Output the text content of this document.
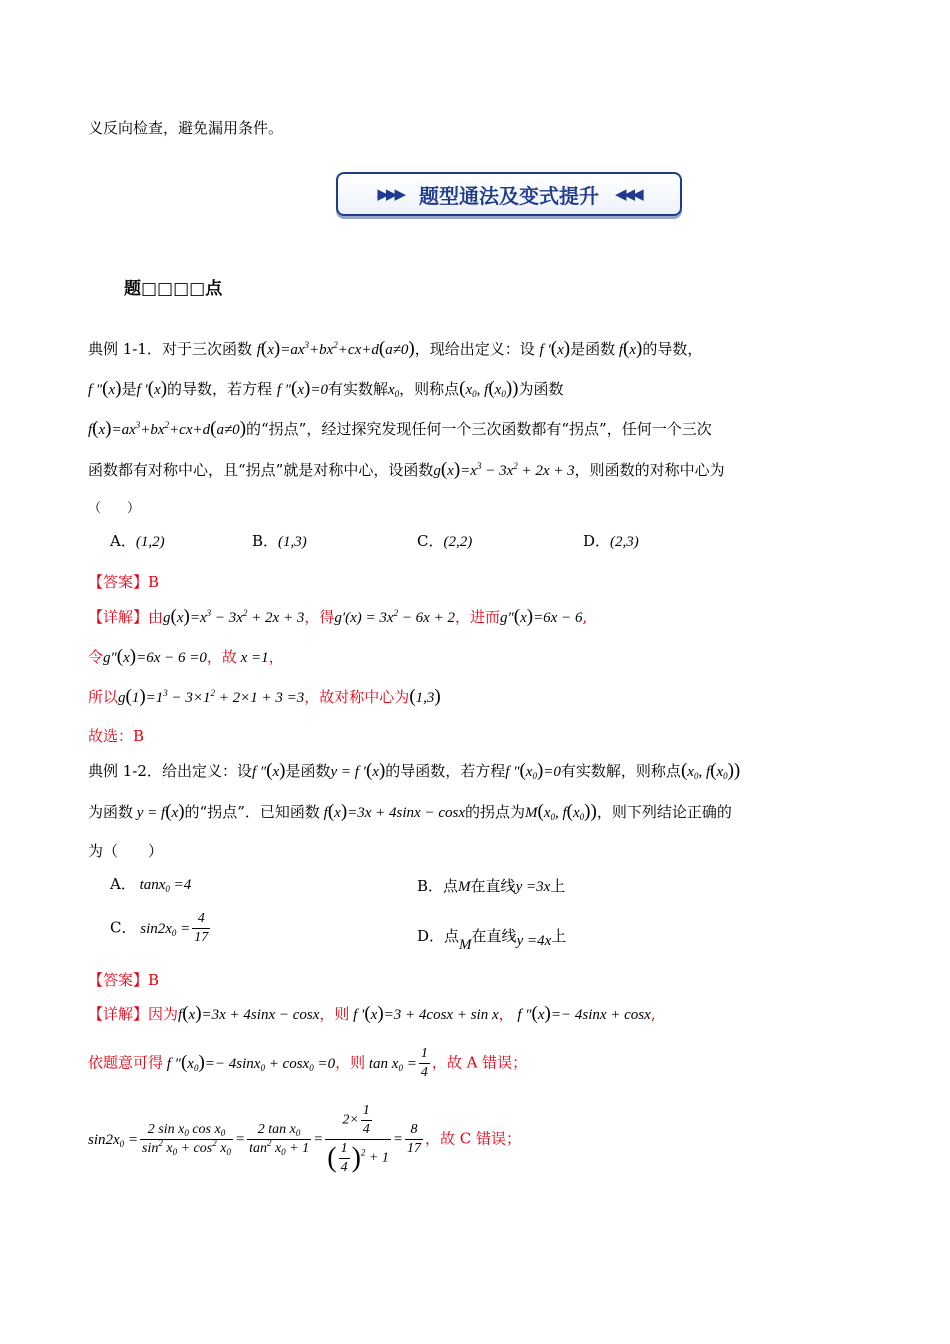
义反向检查，避免漏用条件。
▶▶▶ 题型通法及变式提升 ◀◀◀
题□□□□点
典例 1-1．对于三次函数 $f(x)=ax^3+bx^2+cx+d(a\ne 0)$，现给出定义：设 f ′(x)是函数 f(x)的导数，
f ″(x)是f ′(x)的导数，若方程 f ″(x)=0有实数解$x_0$，则称点($x_0$, $f(x_0)$)为函数
$f(x)=ax^3+bx^2+cx+d(a\ne 0)$的“拐点”，经过探究发现任何一个三次函数都有“拐点”，任何一个三次
函数都有对称中心，且“拐点”就是对称中心，设函数$g(x)=x^3 - 3x^2 + 2x + 3$，则函数的对称中心为
（　　）
A．(1,2)	B．(1,3)	C．(2,2)	D．(2,3)
【答案】B
【详解】由$g(x)=x^3 - 3x^2 + 2x + 3$，得$g'(x) = 3x^2 - 6x + 2$，进而g″(x)=6x − 6,
令g″(x)=6x − 6 =0，故 x =1，
所以$g(1)=1^3 - 3\times 1^2 + 2\times 1 + 3 =3$，故对称中心为(1,3)
故选：B
典例 1-2．给出定义：设f ″(x)是函数y = f ′(x)的导函数，若方程f $''(x_0)=0$有实数解，则称点($x_0$, $f(x_0)$)
为函数 y = f(x)的“拐点”．已知函数 f(x)=3x + 4sinx − cosx的拐点为$M(x_0$, $f(x_0)$)，则下列结论正确的
为（　　）
A． tanx$_0$ =4	B．点M在直线y =3x上
C． $\sin 2x_0 = \frac{4}{17}$	D．点M在直线y =4x上
【答案】B
【详解】因为f(x)=3x + 4sinx − cosx，则 f ′(x)=3 + 4cosx + sin x， f ″(x)=− 4sinx + cosx,
依题意可得 f $''(x_0)=- 4\sin x_0 + \cos x_0 =0$，则 $\tan x_0 = \frac{1}{4}$ ，故 A 错误；
$\sin 2x_0 = \frac{2 \sin x_0 \cos x_0}{\sin^2 x_0 + \cos^2 x_0} = \frac{2 \tan x_0}{\tan^2 x_0 + 1} = \frac{2\times \frac{1}{4}}{( \frac{1}{4} )^2 + 1} = \frac{8}{17}$ ，故 C 错误；
